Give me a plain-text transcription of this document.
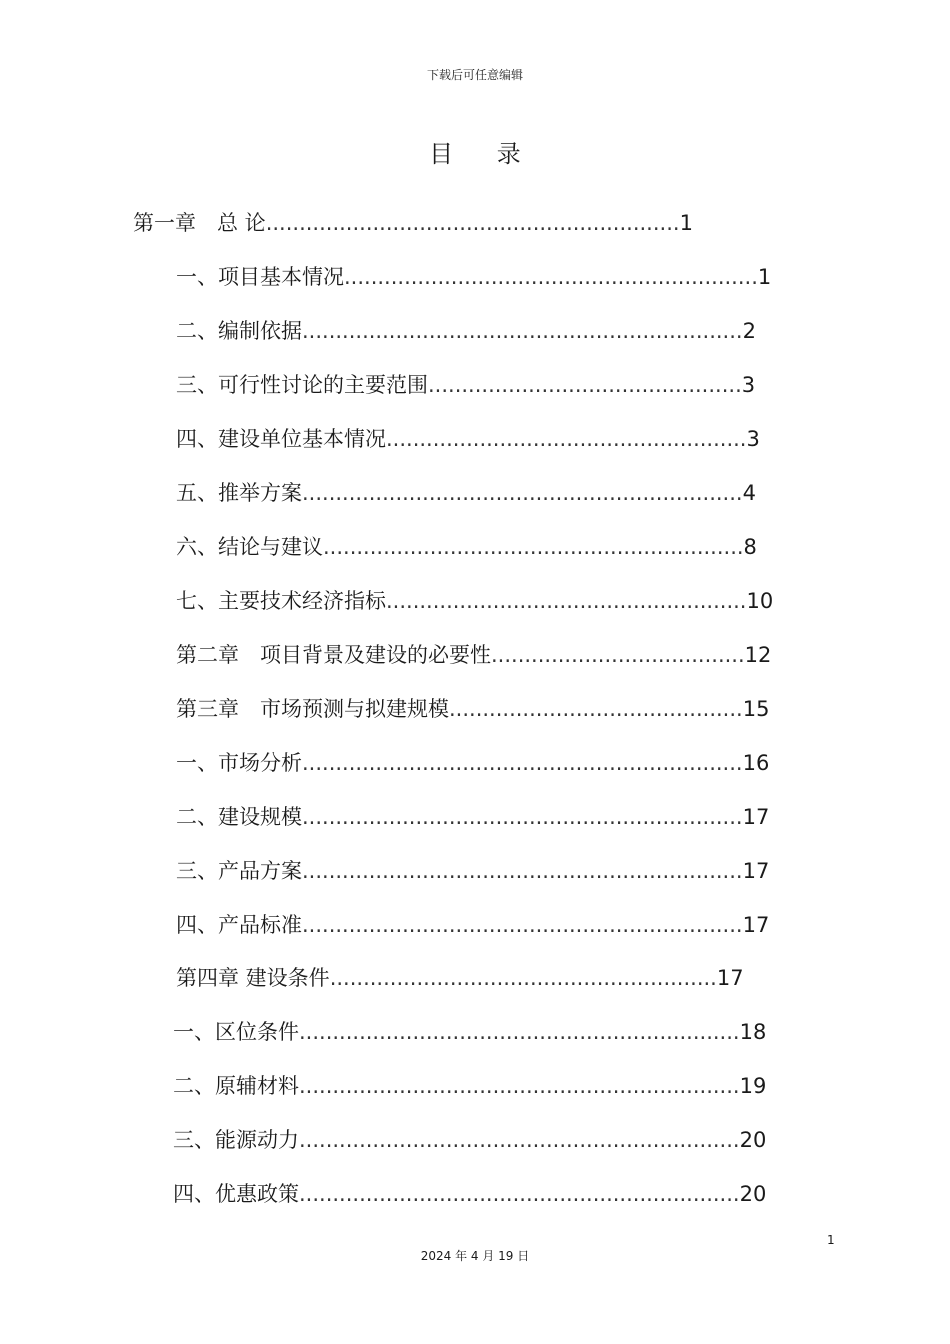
下载后可任意编辑
目 录
第一章　总 论..............................................................1
一、项目基本情况..............................................................1
二、编制依据..................................................................2
三、可行性讨论的主要范围...............................................3
四、建设单位基本情况......................................................3
五、推举方案..................................................................4
六、结论与建议...............................................................8
七、主要技术经济指标......................................................10
第二章　项目背景及建设的必要性......................................12
第三章　市场预测与拟建规模............................................15
一、市场分析..................................................................16
二、建设规模..................................................................17
三、产品方案..................................................................17
四、产品标准..................................................................17
第四章 建设条件..........................................................17
一、区位条件..................................................................18
二、原辅材料..................................................................19
三、能源动力..................................................................20
四、优惠政策..................................................................20
1
2024 年 4 月 19 日
